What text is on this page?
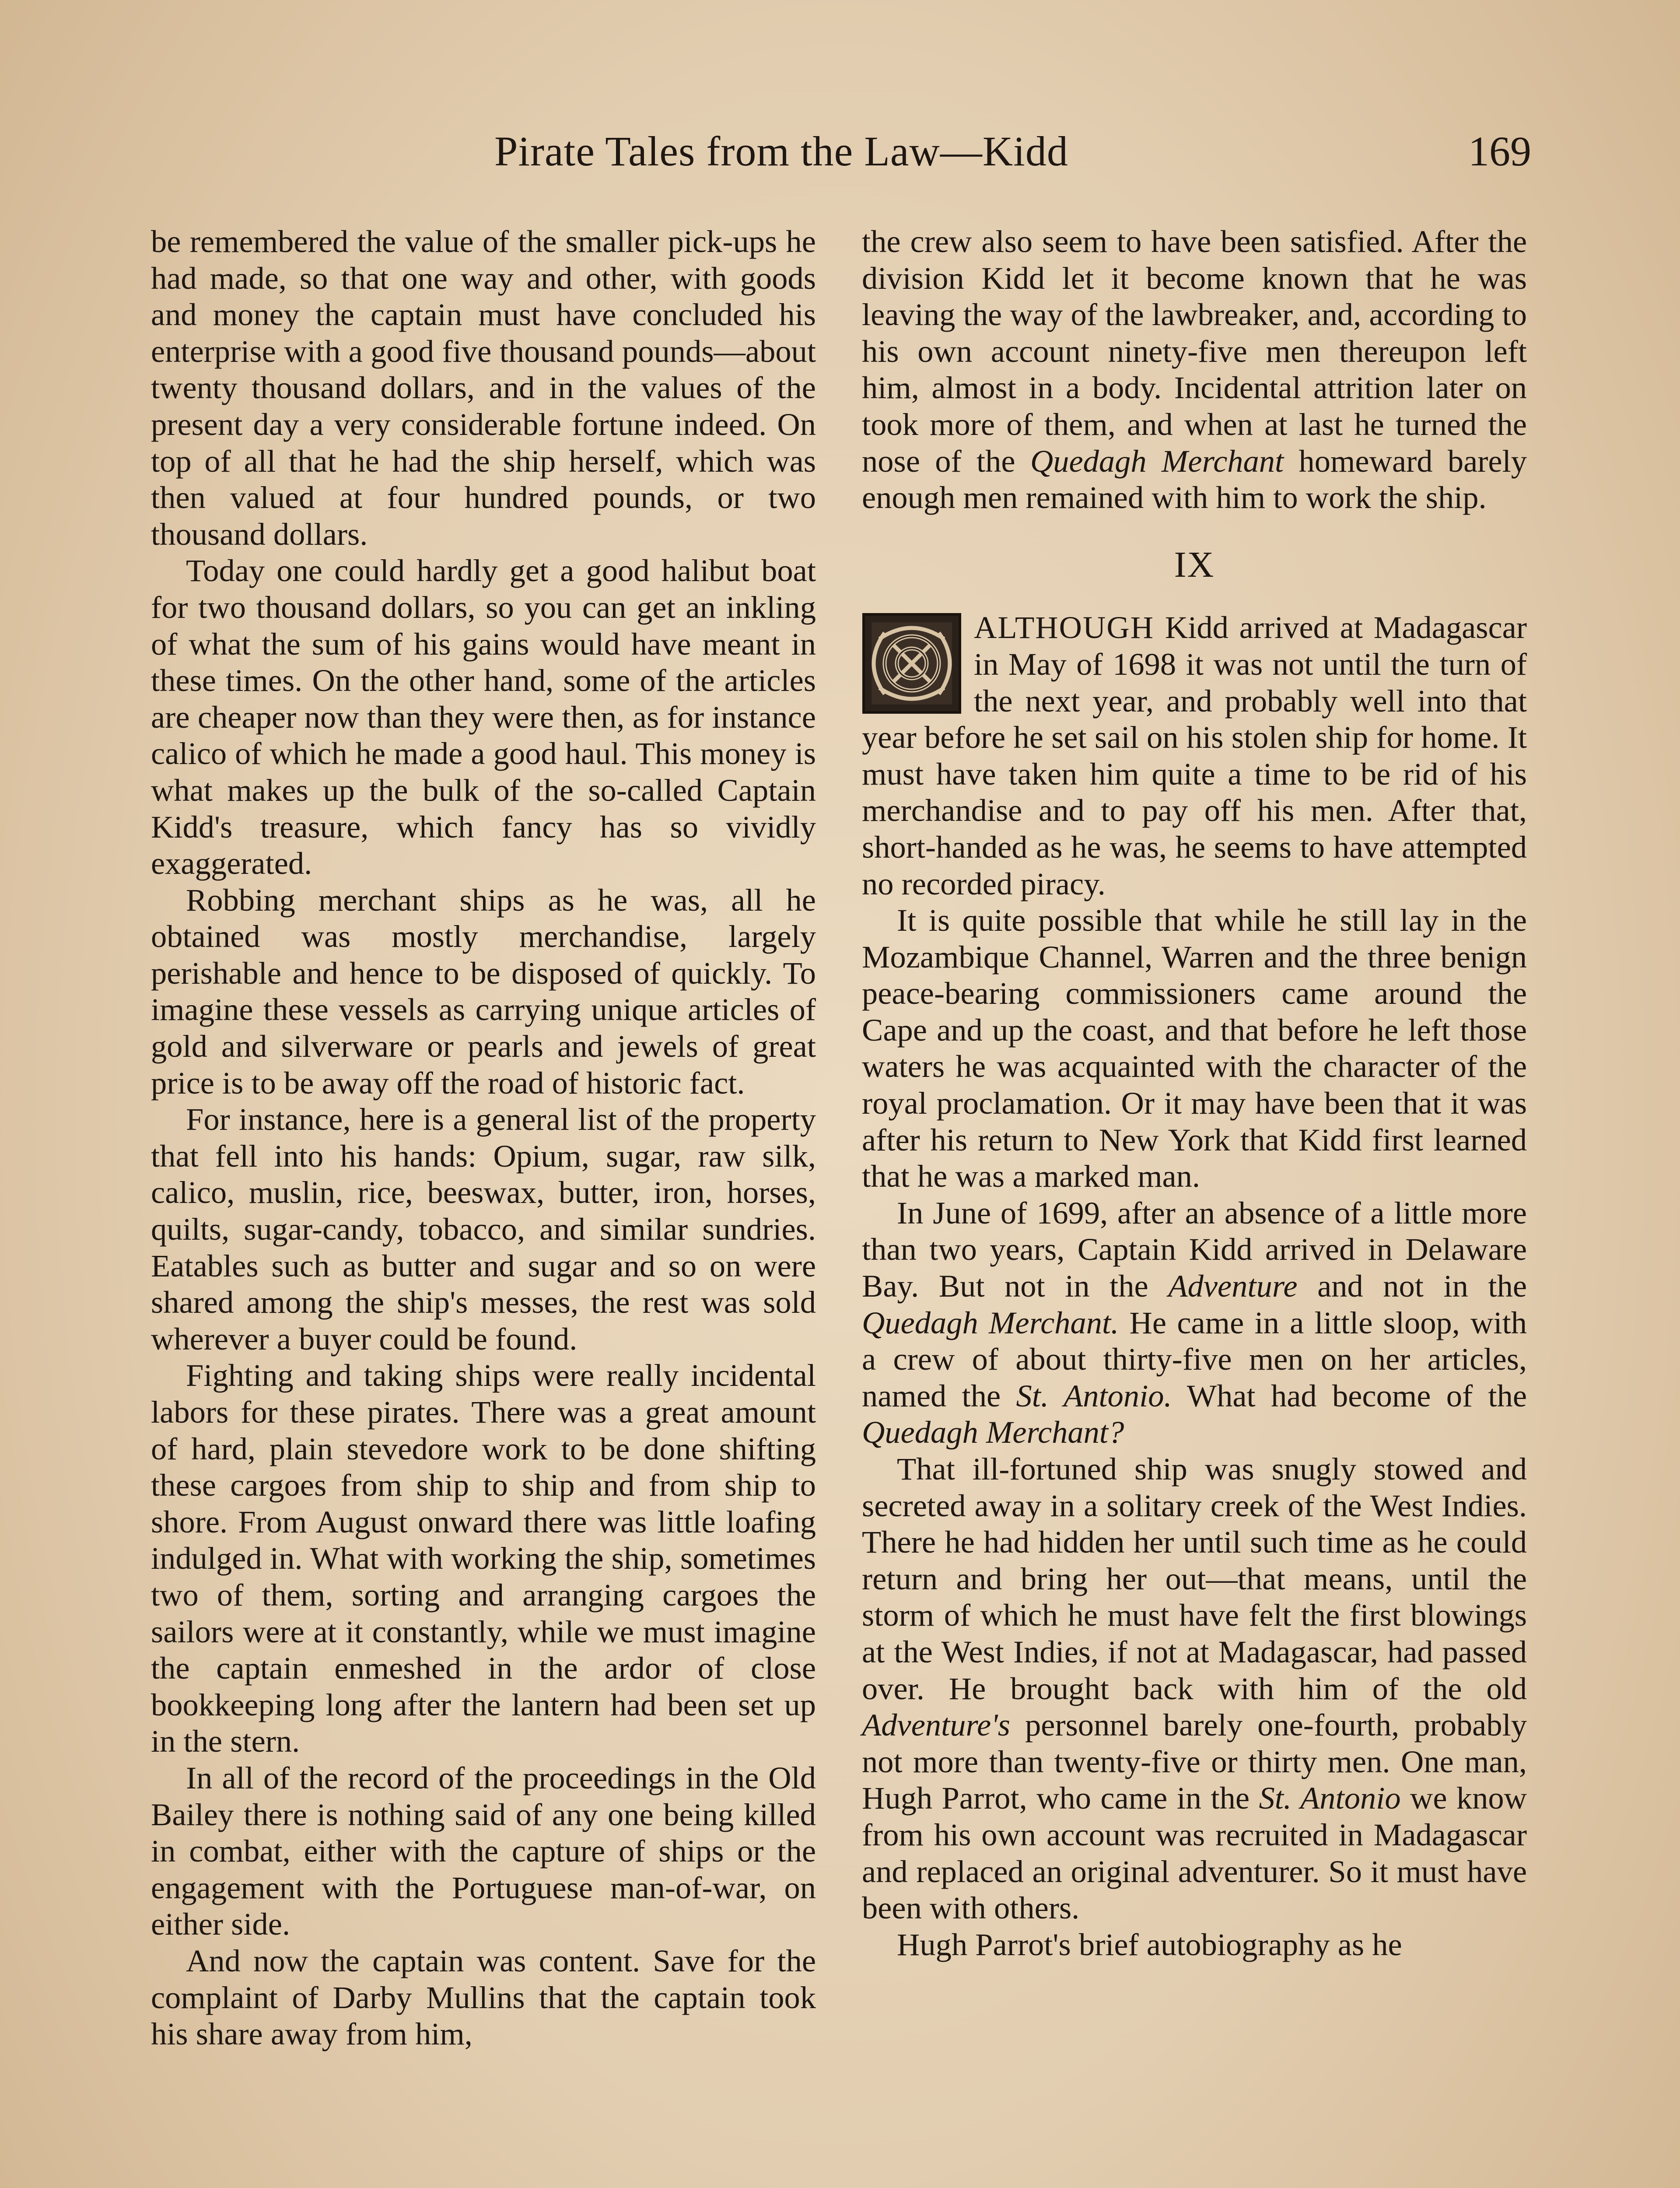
Pirate Tales from the Law—Kidd	169

be remembered the value of the smaller pick-ups he had made, so that one way and other, with goods and money the captain must have concluded his enterprise with a good five thousand pounds—about twenty thousand dollars, and in the values of the present day a very considerable fortune indeed. On top of all that he had the ship herself, which was then valued at four hundred pounds, or two thousand dollars.

Today one could hardly get a good halibut boat for two thousand dollars, so you can get an inkling of what the sum of his gains would have meant in these times. On the other hand, some of the articles are cheaper now than they were then, as for instance calico of which he made a good haul. This money is what makes up the bulk of the so-called Captain Kidd's treasure, which fancy has so vividly exaggerated.

Robbing merchant ships as he was, all he obtained was mostly merchandise, largely perishable and hence to be disposed of quickly. To imagine these vessels as carrying unique articles of gold and silverware or pearls and jewels of great price is to be away off the road of historic fact.

For instance, here is a general list of the property that fell into his hands: Opium, sugar, raw silk, calico, muslin, rice, beeswax, butter, iron, horses, quilts, sugar-candy, tobacco, and similar sundries. Eatables such as butter and sugar and so on were shared among the ship's messes, the rest was sold wherever a buyer could be found.

Fighting and taking ships were really incidental labors for these pirates. There was a great amount of hard, plain stevedore work to be done shifting these cargoes from ship to ship and from ship to shore. From August onward there was little loafing indulged in. What with working the ship, sometimes two of them, sorting and arranging cargoes the sailors were at it constantly, while we must imagine the captain enmeshed in the ardor of close bookkeeping long after the lantern had been set up in the stern.

In all of the record of the proceedings in the Old Bailey there is nothing said of any one being killed in combat, either with the capture of ships or the engagement with the Portuguese man-of-war, on either side.

And now the captain was content. Save for the complaint of Darby Mullins that the captain took his share away from him,

the crew also seem to have been satisfied. After the division Kidd let it become known that he was leaving the way of the lawbreaker, and, according to his own account ninety-five men thereupon left him, almost in a body. Incidental attrition later on took more of them, and when at last he turned the nose of the Quedagh Merchant homeward barely enough men remained with him to work the ship.

IX

ALTHOUGH Kidd arrived at Madagascar in May of 1698 it was not until the turn of the next year, and probably well into that year before he set sail on his stolen ship for home. It must have taken him quite a time to be rid of his merchandise and to pay off his men. After that, short-handed as he was, he seems to have attempted no recorded piracy.

It is quite possible that while he still lay in the Mozambique Channel, Warren and the three benign peace-bearing commissioners came around the Cape and up the coast, and that before he left those waters he was acquainted with the character of the royal proclamation. Or it may have been that it was after his return to New York that Kidd first learned that he was a marked man.

In June of 1699, after an absence of a little more than two years, Captain Kidd arrived in Delaware Bay. But not in the Adventure and not in the Quedagh Merchant. He came in a little sloop, with a crew of about thirty-five men on her articles, named the St. Antonio. What had become of the Quedagh Merchant?

That ill-fortuned ship was snugly stowed and secreted away in a solitary creek of the West Indies. There he had hidden her until such time as he could return and bring her out—that means, until the storm of which he must have felt the first blowings at the West Indies, if not at Madagascar, had passed over. He brought back with him of the old Adventure's personnel barely one-fourth, probably not more than twenty-five or thirty men. One man, Hugh Parrot, who came in the St. Antonio we know from his own account was recruited in Madagascar and replaced an original adventurer. So it must have been with others.

Hugh Parrot's brief autobiography as he
